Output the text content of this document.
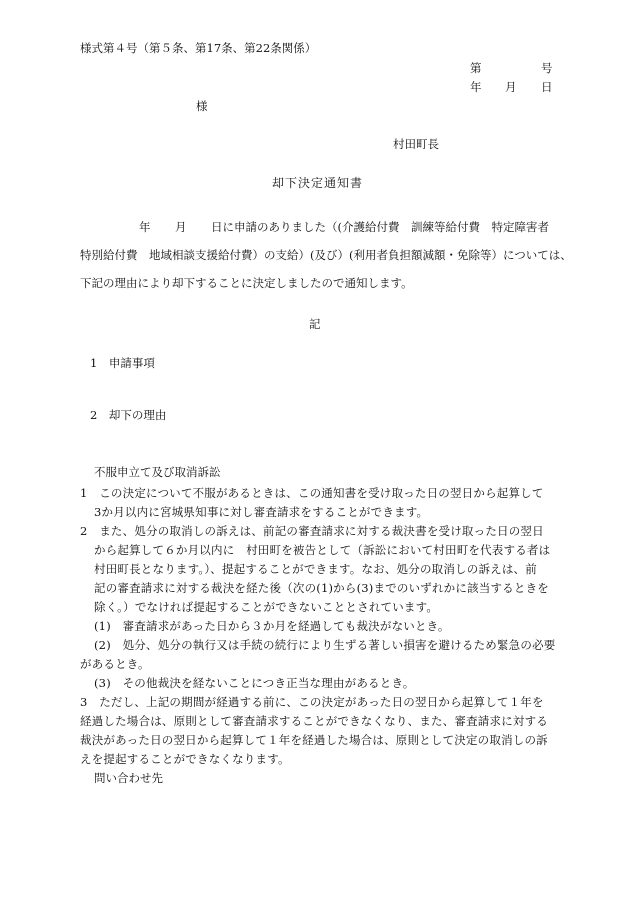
様式第４号（第５条、第17条、第22条関係）
第	号
年 月 日
様
村田町長
却下決定通知書
年 月 日に申請のありました（(介護給付費　訓練等給付費　特定障害者
特別給付費　地域相談支援給付費）の支給）(及び）(利用者負担額減額・免除等）については、
下記の理由により却下することに決定しましたので通知します。
記
1　申請事項
2　却下の理由
不服申立て及び取消訴訟
1　この決定について不服があるときは、この通知書を受け取った日の翌日から起算して
3か月以内に宮城県知事に対し審査請求をすることができます。
2　また、処分の取消しの訴えは、前記の審査請求に対する裁決書を受け取った日の翌日
から起算して６か月以内に　村田町を被告として（訴訟において村田町を代表する者は
村田町長となります。）、提起することができます。なお、処分の取消しの訴えは、前
記の審査請求に対する裁決を経た後（次の(1)から(3)までのいずれかに該当するときを
除く。）でなければ提起することができないこととされています。
(1)　審査請求があった日から３か月を経過しても裁決がないとき。
(2)　処分、処分の執行又は手続の続行により生ずる著しい損害を避けるため緊急の必要
があるとき。
(3)　その他裁決を経ないことにつき正当な理由があるとき。
3　ただし、上記の期間が経過する前に、この決定があった日の翌日から起算して１年を
経過した場合は、原則として審査請求することができなくなり、また、審査請求に対する
裁決があった日の翌日から起算して１年を経過した場合は、原則として決定の取消しの訴
えを提起することができなくなります。
問い合わせ先
